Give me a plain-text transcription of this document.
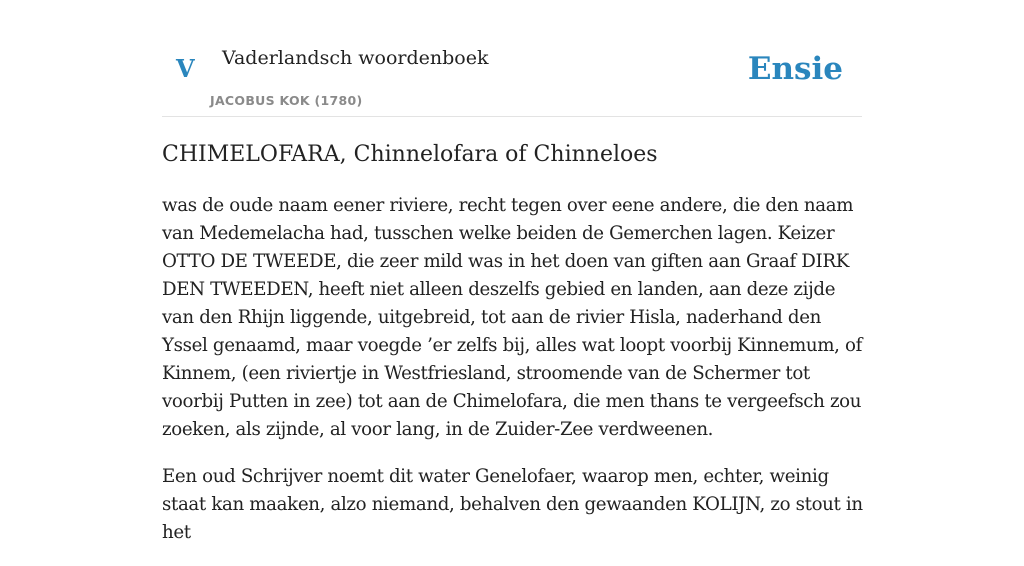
V Vaderlandsch woordenboek
JACOBUS KOK (1780)
Ensie
CHIMELOFARA, Chinnelofara of Chinneloes

was de oude naam eener riviere, recht tegen over eene andere, die den naam van Medemelacha had, tusschen welke beiden de Gemerchen lagen. Keizer OTTO DE TWEEDE, die zeer mild was in het doen van giften aan Graaf DIRK DEN TWEEDEN, heeft niet alleen deszelfs gebied en landen, aan deze zijde van den Rhijn liggende, uitgebreid, tot aan de rivier Hisla, naderhand den Yssel genaamd, maar voegde ’er zelfs bij, alles wat loopt voorbij Kinnemum, of Kinnem, (een riviertje in Westfriesland, stroomende van de Schermer tot voorbij Putten in zee) tot aan de Chimelofara, die men thans te vergeefsch zou zoeken, als zijnde, al voor lang, in de Zuider-Zee verdweenen.

Een oud Schrijver noemt dit water Genelofaer, waarop men, echter, weinig staat kan maaken, alzo niemand, behalven den gewaanden KOLIJN, zo stout in het
